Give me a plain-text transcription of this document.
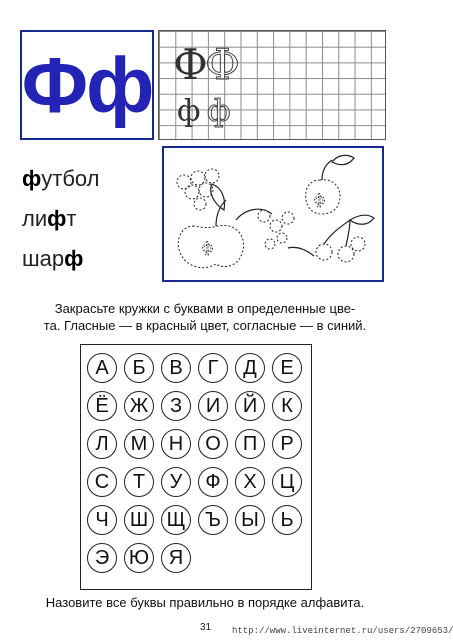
Фф Ф
Ф
ф ф
футбол
лифт
шарф	ф
ф
Закрасьте кружки с буквами в определенные цве-
та. Гласные — в красный цвет, согласные — в синий.
А	Б	В	Г	Д	Е
Ё	Ж	З	И	Й	К
Л	М	Н	О	П	Р
С	Т	У	Ф	Х	Ц
Ч	Ш Щ Ъ	Ы	Ь
Э Ю Я
Назовите все буквы правильно в порядке алфавита.
31 http://www.liveinternet.ru/users/2709653/
